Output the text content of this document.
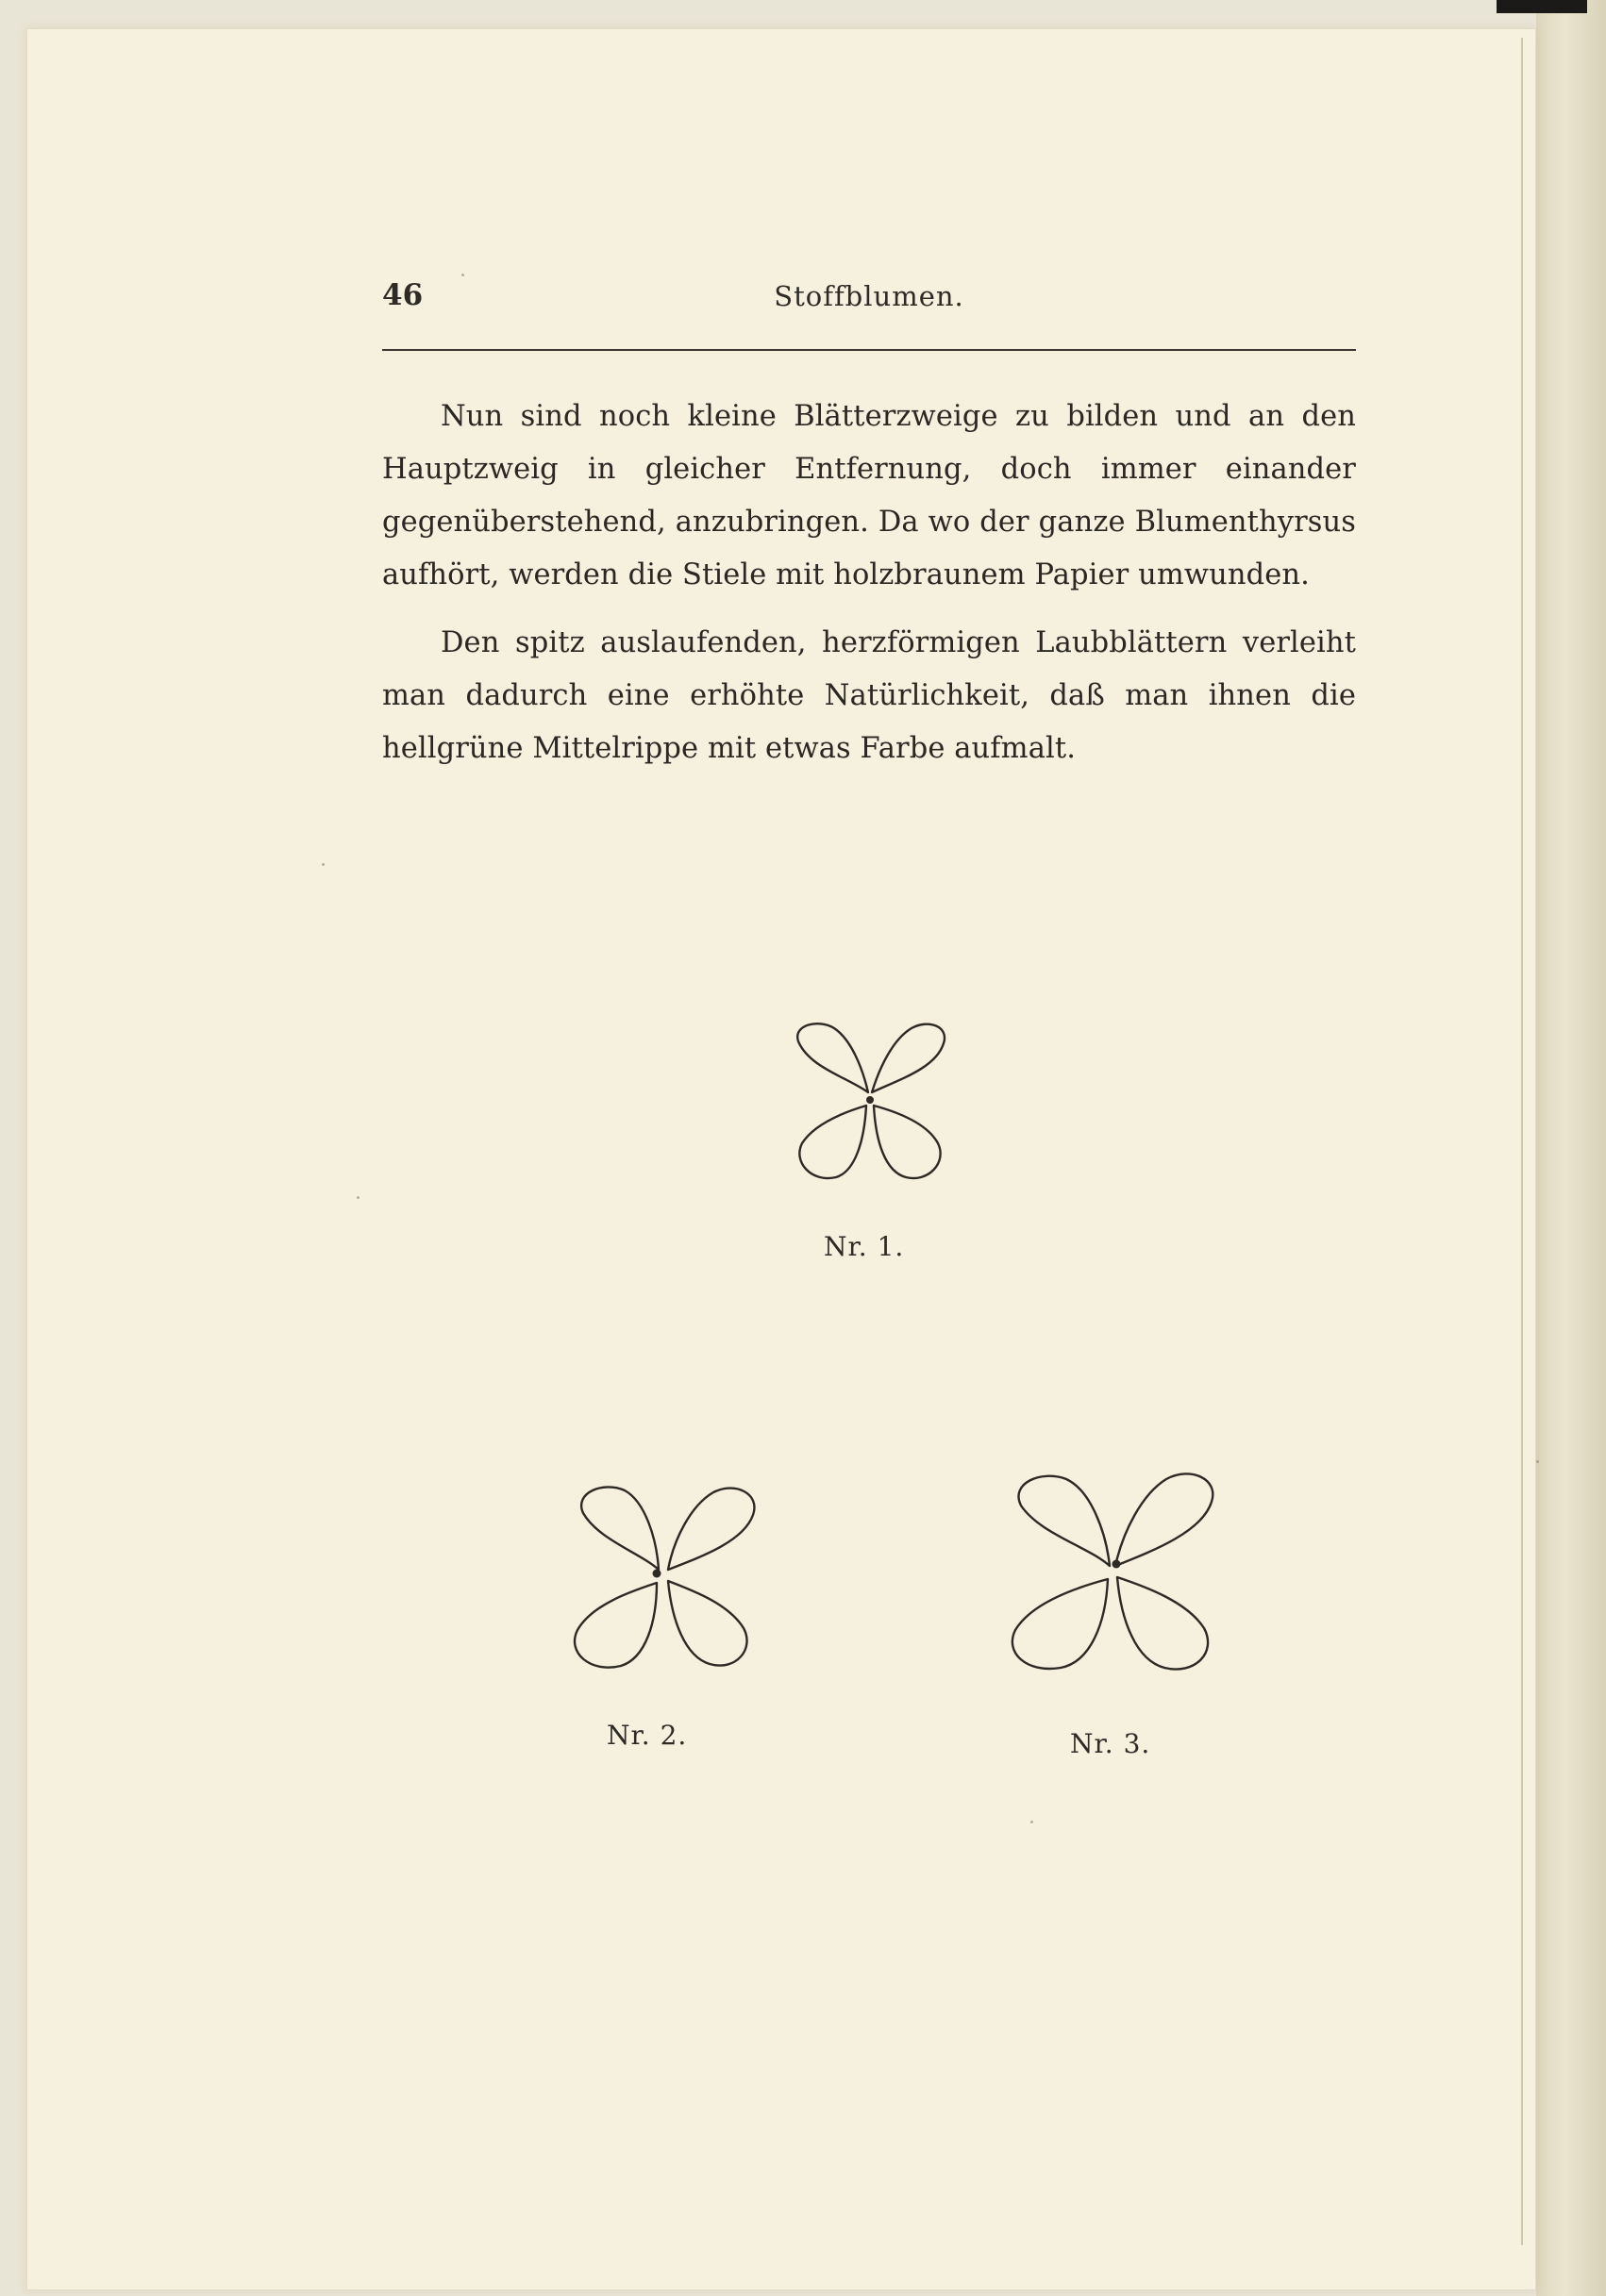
46	Stoffblumen.

Nun sind noch kleine Blätterzweige zu bilden und an den Hauptzweig in gleicher Entfernung, doch immer einander gegenüberstehend, anzubringen. Da wo der ganze Blumenthyrsus aufhört, werden die Stiele mit holzbraunem Papier umwunden.

Den spitz auslaufenden, herzförmigen Laubblättern verleiht man dadurch eine erhöhte Natürlichkeit, daß man ihnen die hellgrüne Mittelrippe mit etwas Farbe aufmalt.

Nr. 1.
Nr. 2.	Nr. 3.
